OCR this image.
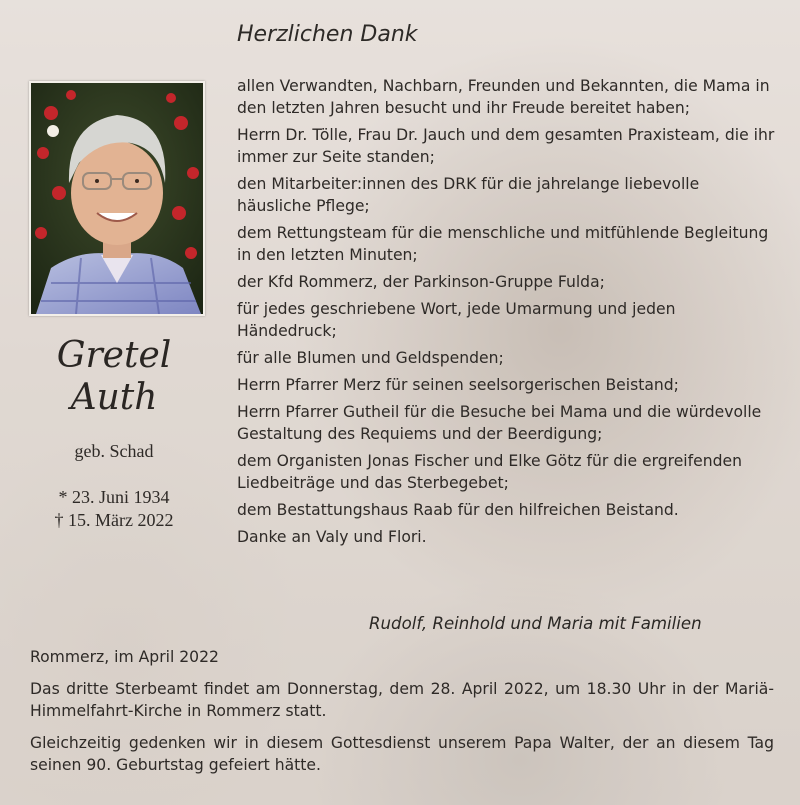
Herzlichen Dank
Gretel
Auth
geb. Schad
* 23. Juni 1934
† 15. März 2022
allen Verwandten, Nachbarn, Freunden und Bekannten, die Mama in den letzten Jahren besucht und ihr Freude bereitet haben;
Herrn Dr. Tölle, Frau Dr. Jauch und dem gesamten Praxisteam, die ihr immer zur Seite standen;
den Mitarbeiter:innen des DRK für die jahrelange liebevolle häusliche Pflege;
dem Rettungsteam für die menschliche und mitfühlende Begleitung in den letzten Minuten;
der Kfd Rommerz, der Parkinson-Gruppe Fulda;
für jedes geschriebene Wort, jede Umarmung und jeden Händedruck;
für alle Blumen und Geldspenden;
Herrn Pfarrer Merz für seinen seelsorgerischen Beistand;
Herrn Pfarrer Gutheil für die Besuche bei Mama und die würdevolle Gestaltung des Requiems und der Beerdigung;
dem Organisten Jonas Fischer und Elke Götz für die ergreifenden Liedbeiträge und das Sterbegebet;
dem Bestattungshaus Raab für den hilfreichen Beistand.
Danke an Valy und Flori.
Rudolf, Reinhold und Maria mit Familien

Rommerz, im April 2022

Das dritte Sterbeamt findet am Donnerstag, dem 28. April 2022, um 18.30 Uhr in der Mariä-Himmelfahrt-Kirche in Rommerz statt.

Gleichzeitig gedenken wir in diesem Gottesdienst unserem Papa Walter, der an diesem Tag seinen 90. Geburtstag gefeiert hätte.
